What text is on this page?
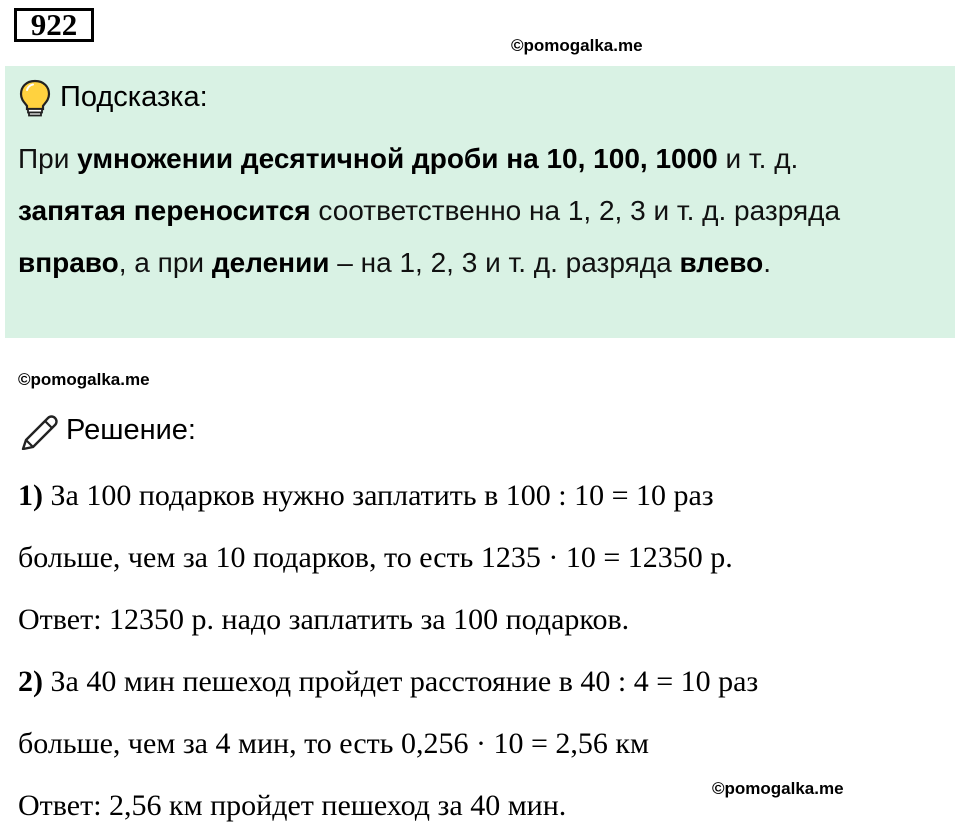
922
©pomogalka.me
Подсказка:
При умножении десятичной дроби на 10, 100, 1000 и т. д.
запятая переносится соответственно на 1, 2, 3 и т. д. разряда
вправо, а при делении – на 1, 2, 3 и т. д. разряда влево.
©pomogalka.me
Решение:
1) За 100 подарков нужно заплатить в 100 : 10 = 10 раз
больше, чем за 10 подарков, то есть 1235 · 10 = 12350 р.
Ответ: 12350 р. надо заплатить за 100 подарков.
2) За 40 мин пешеход пройдет расстояние в 40 : 4 = 10 раз
больше, чем за 4 мин, то есть 0,256 · 10 = 2,56 км
Ответ: 2,56 км пройдет пешеход за 40 мин.
©pomogalka.me
